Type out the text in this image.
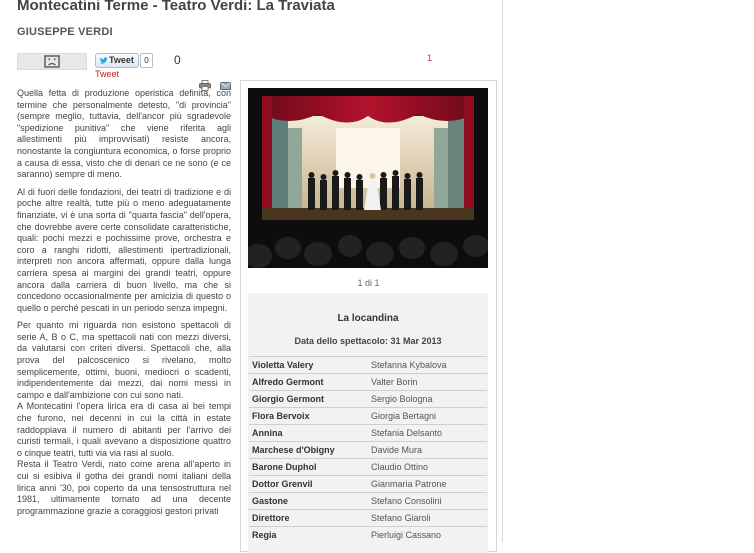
Montecatini Terme - Teatro Verdi: La Traviata
GIUSEPPE VERDI
Tweet	0	0
Tweet
1

Quella fetta di produzione operistica definita, con termine che personalmente detesto, "di provincia" (sempre meglio, tuttavia, dell'ancor più sgradevole "spedizione punitiva" che viene riferita agli allestimenti più improvvisati) resiste ancora, nonostante la congiuntura economica, o forse proprio a causa di essa, visto che di denari ce ne sono (e ce saranno) sempre di meno.

Al di fuori delle fondazioni, dei teatri di tradizione e di poche altre realtà, tutte più o meno adeguatamente finanziate, vi è una sorta di "quarta fascia" dell'opera, che dovrebbe avere certe consolidate caratteristiche, quali: pochi mezzi e pochissime prove, orchestra e coro a ranghi ridotti, allestimenti ipertradizionali, interpreti non ancora affermati, oppure dalla lunga carriera spesa ai margini dei grandi teatri, oppure ancora dalla carriera di buon livello, ma che si concedono occasionalmente per amicizia di questo o quello o perché pescati in un periodo senza impegni.

Per quanto mi riguarda non esistono spettacoli di serie A, B o C, ma spettacoli nati con mezzi diversi, da valutarsi con criteri diversi. Spettacoli che, alla prova del palcoscenico si rivelano, molto semplicemente, ottimi, buoni, mediocri o scadenti, indipendentemente dai mezzi, dai nomi messi in campo e dall'ambizione con cui sono nati.

A Montecatini l'opera lirica era di casa ai bei tempi che furono, nei decenni in cui la città in estate raddoppiava il numero di abitanti per l'arrivo dei curisti termali, i quali avevano a disposizione quattro o cinque teatri, tutti via via rasi al suolo.

Resta il Teatro Verdi, nato come arena all'aperto in cui si esibiva il gotha dei grandi nomi italiani della lirica anni '30, poi coperto da una tensostruttura nel 1981, ultimamente tornato ad una decente programmazione grazie a coraggiosi gestori privati

1 di 1
La locandina
Data dello spettacolo: 31 Mar 2013
Violetta Valery	Stefanna Kybalova
Alfredo Germont	Valter Borin
Giorgio Germont	Sergio Bologna
Flora Bervoix	Giorgia Bertagni
Annina	Stefania Delsanto
Marchese d'Obigny	Davide Mura
Barone Duphol	Claudio Ottino
Dottor Grenvil	Gianmaria Patrone
Gastone	Stefano Consolini
Direttore	Stefano Giaroli
Regia	Pierluigi Cassano
